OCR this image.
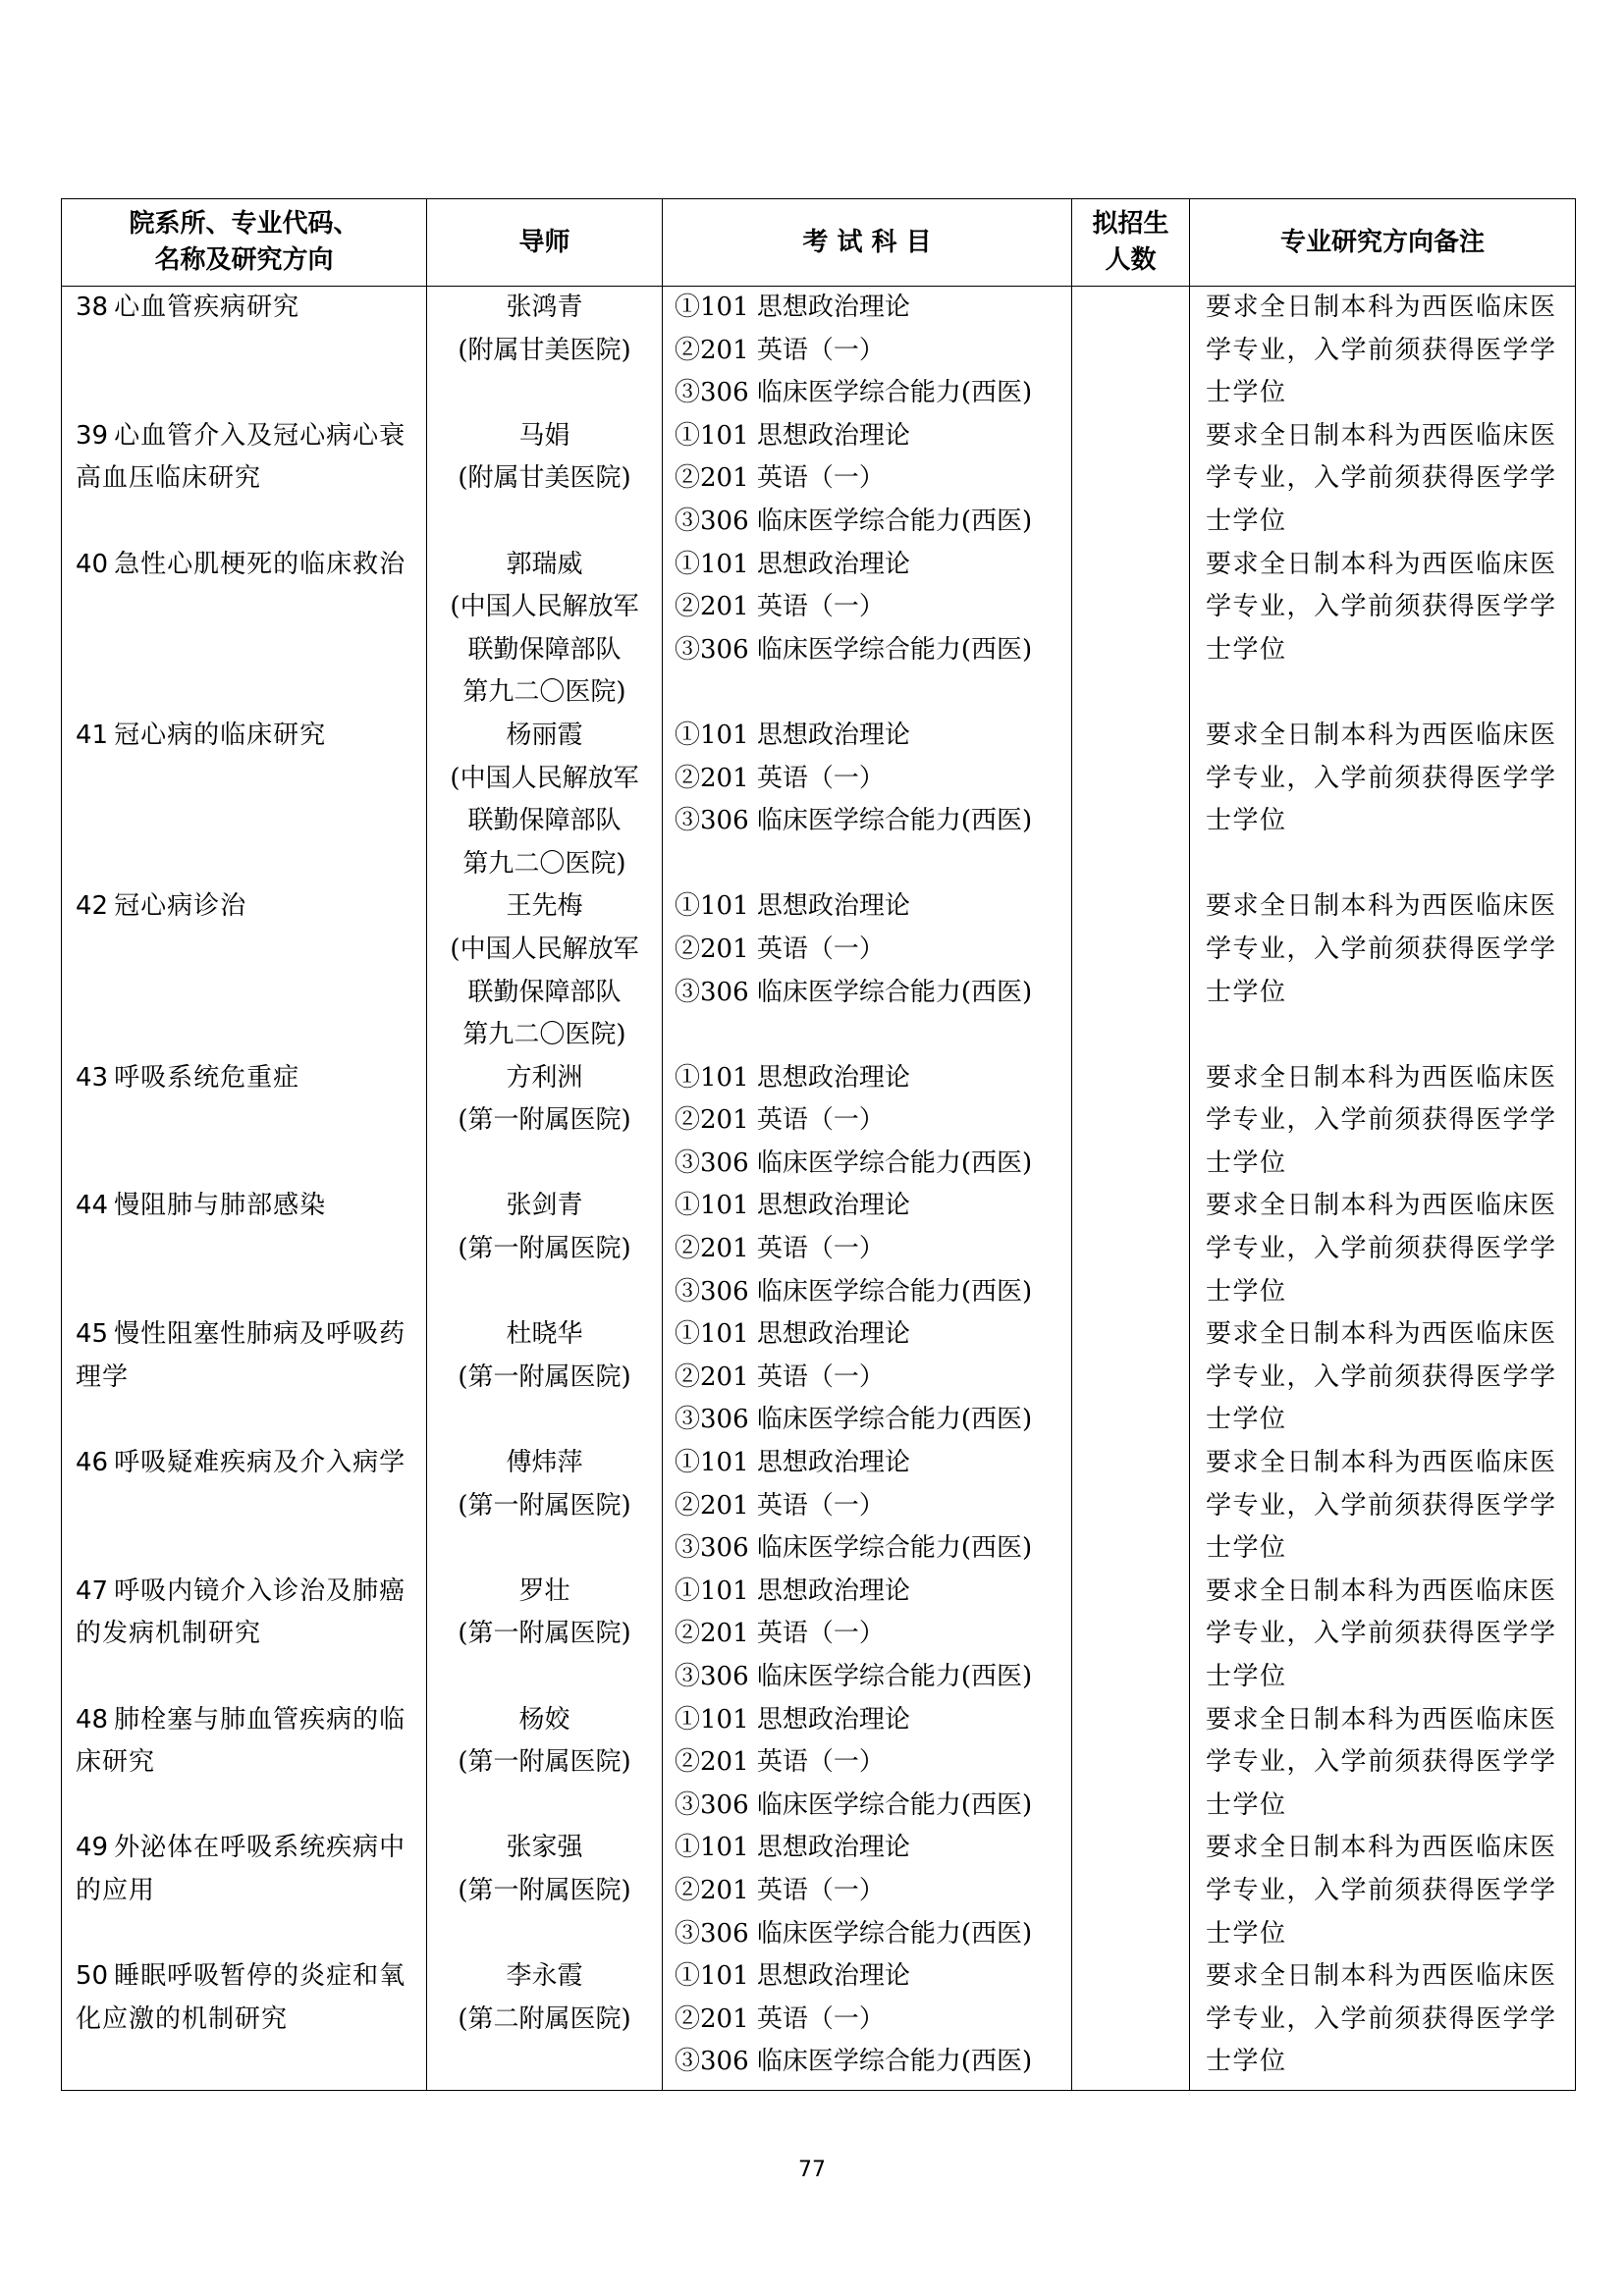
院系所、专业代码、
名称及研究方向	导师	考 试 科 目	拟招生
人数	专业研究方向备注
38 心血管疾病研究	张鸿青
(附属甘美医院)	①101 思想政治理论
②201 英语（一）
③306 临床医学综合能力(西医)		要求全日制本科为西医临床医学专业，入学前须获得医学学士学位
39 心血管介入及冠心病心衰高血压临床研究	马娟
(附属甘美医院)	①101 思想政治理论
②201 英语（一）
③306 临床医学综合能力(西医)		要求全日制本科为西医临床医学专业，入学前须获得医学学士学位
40 急性心肌梗死的临床救治	郭瑞威
(中国人民解放军
联勤保障部队
第九二〇医院)	①101 思想政治理论
②201 英语（一）
③306 临床医学综合能力(西医)		要求全日制本科为西医临床医学专业，入学前须获得医学学士学位
41 冠心病的临床研究	杨丽霞
(中国人民解放军
联勤保障部队
第九二〇医院)	①101 思想政治理论
②201 英语（一）
③306 临床医学综合能力(西医)		要求全日制本科为西医临床医学专业，入学前须获得医学学士学位
42 冠心病诊治	王先梅
(中国人民解放军
联勤保障部队
第九二〇医院)	①101 思想政治理论
②201 英语（一）
③306 临床医学综合能力(西医)		要求全日制本科为西医临床医学专业，入学前须获得医学学士学位
43 呼吸系统危重症	方利洲
(第一附属医院)	①101 思想政治理论
②201 英语（一）
③306 临床医学综合能力(西医)		要求全日制本科为西医临床医学专业，入学前须获得医学学士学位
44 慢阻肺与肺部感染	张剑青
(第一附属医院)	①101 思想政治理论
②201 英语（一）
③306 临床医学综合能力(西医)		要求全日制本科为西医临床医学专业，入学前须获得医学学士学位
45 慢性阻塞性肺病及呼吸药理学	杜晓华
(第一附属医院)	①101 思想政治理论
②201 英语（一）
③306 临床医学综合能力(西医)		要求全日制本科为西医临床医学专业，入学前须获得医学学士学位
46 呼吸疑难疾病及介入病学	傅炜萍
(第一附属医院)	①101 思想政治理论
②201 英语（一）
③306 临床医学综合能力(西医)		要求全日制本科为西医临床医学专业，入学前须获得医学学士学位
47 呼吸内镜介入诊治及肺癌的发病机制研究	罗壮
(第一附属医院)	①101 思想政治理论
②201 英语（一）
③306 临床医学综合能力(西医)		要求全日制本科为西医临床医学专业，入学前须获得医学学士学位
48 肺栓塞与肺血管疾病的临床研究	杨姣
(第一附属医院)	①101 思想政治理论
②201 英语（一）
③306 临床医学综合能力(西医)		要求全日制本科为西医临床医学专业，入学前须获得医学学士学位
49 外泌体在呼吸系统疾病中的应用	张家强
(第一附属医院)	①101 思想政治理论
②201 英语（一）
③306 临床医学综合能力(西医)		要求全日制本科为西医临床医学专业，入学前须获得医学学士学位
50 睡眠呼吸暂停的炎症和氧化应激的机制研究	李永霞
(第二附属医院)	①101 思想政治理论
②201 英语（一）
③306 临床医学综合能力(西医)		要求全日制本科为西医临床医学专业，入学前须获得医学学士学位
77
